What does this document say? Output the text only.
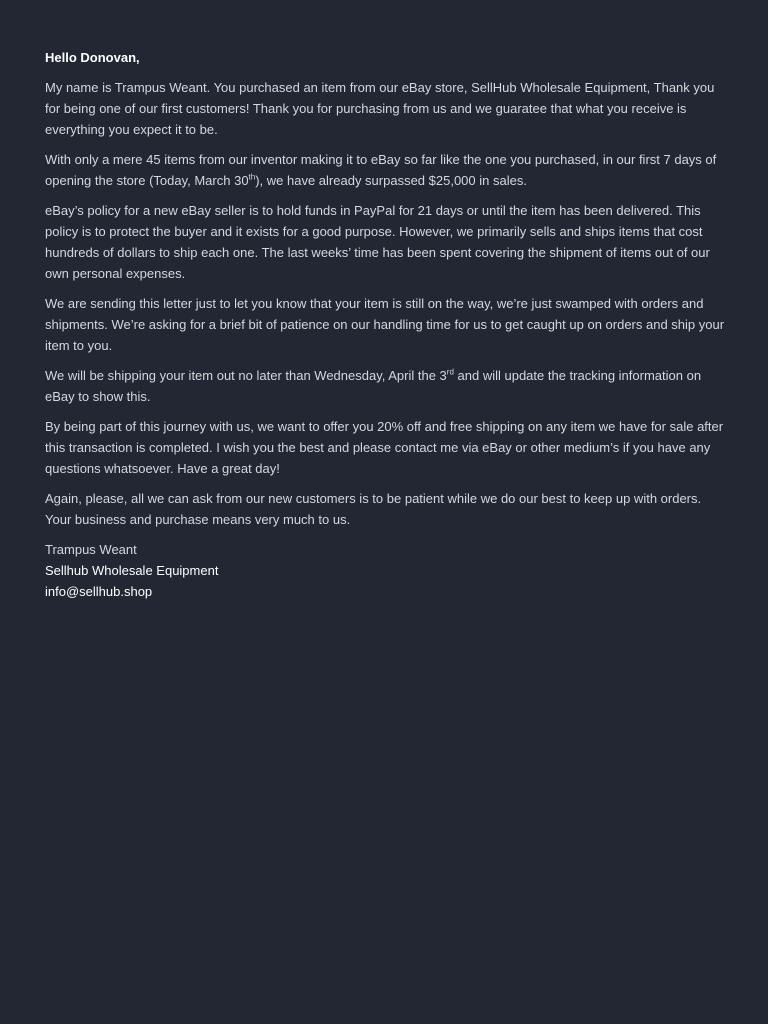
Hello Donovan,

My name is Trampus Weant. You purchased an item from our eBay store, SellHub Wholesale Equipment, Thank you for being one of our first customers! Thank you for purchasing from us and we guaratee that what you receive is everything you expect it to be.

With only a mere 45 items from our inventor making it to eBay so far like the one you purchased, in our first 7 days of opening the store (Today, March 30th), we have already surpassed $25,000 in sales.

eBay’s policy for a new eBay seller is to hold funds in PayPal for 21 days or until the item has been delivered. This policy is to protect the buyer and it exists for a good purpose. However, we primarily sells and ships items that cost hundreds of dollars to ship each one. The last weeks’ time has been spent covering the shipment of items out of our own personal expenses.

We are sending this letter just to let you know that your item is still on the way, we’re just swamped with orders and shipments. We’re asking for a brief bit of patience on our handling time for us to get caught up on orders and ship your item to you.

We will be shipping your item out no later than Wednesday, April the 3rd and will update the tracking information on eBay to show this.

By being part of this journey with us, we want to offer you 20% off and free shipping on any item we have for sale after this transaction is completed. I wish you the best and please contact me via eBay or other medium’s if you have any questions whatsoever. Have a great day!

Again, please, all we can ask from our new customers is to be patient while we do our best to keep up with orders. Your business and purchase means very much to us.

Trampus Weant

Sellhub Wholesale Equipment

info@sellhub.shop
